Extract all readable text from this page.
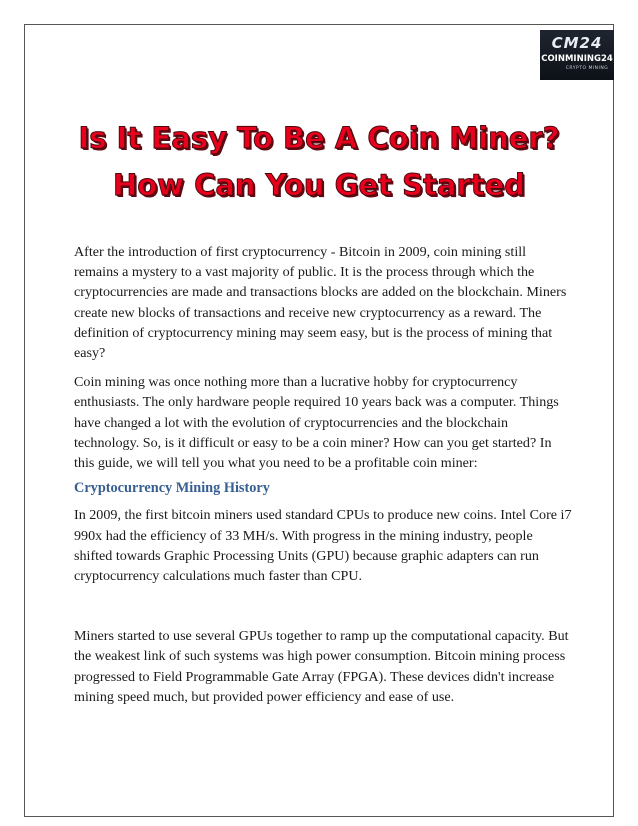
CM24
COINMINING24
CRYPTO MINING
Is It Easy To Be A Coin Miner?
How Can You Get Started

After the introduction of first cryptocurrency - Bitcoin in 2009, coin mining still remains a mystery to a vast majority of public. It is the process through which the cryptocurrencies are made and transactions blocks are added on the blockchain. Miners create new blocks of transactions and receive new cryptocurrency as a reward. The definition of cryptocurrency mining may seem easy, but is the process of mining that easy?

Coin mining was once nothing more than a lucrative hobby for cryptocurrency enthusiasts. The only hardware people required 10 years back was a computer. Things have changed a lot with the evolution of cryptocurrencies and the blockchain technology. So, is it difficult or easy to be a coin miner? How can you get started? In this guide, we will tell you what you need to be a profitable coin miner:

Cryptocurrency Mining History

In 2009, the first bitcoin miners used standard CPUs to produce new coins. Intel Core i7 990x had the efficiency of 33 MH/s. With progress in the mining industry, people shifted towards Graphic Processing Units (GPU) because graphic adapters can run cryptocurrency calculations much faster than CPU.

Miners started to use several GPUs together to ramp up the computational capacity. But the weakest link of such systems was high power consumption. Bitcoin mining process progressed to Field Programmable Gate Array (FPGA). These devices didn't increase mining speed much, but provided power efficiency and ease of use.
